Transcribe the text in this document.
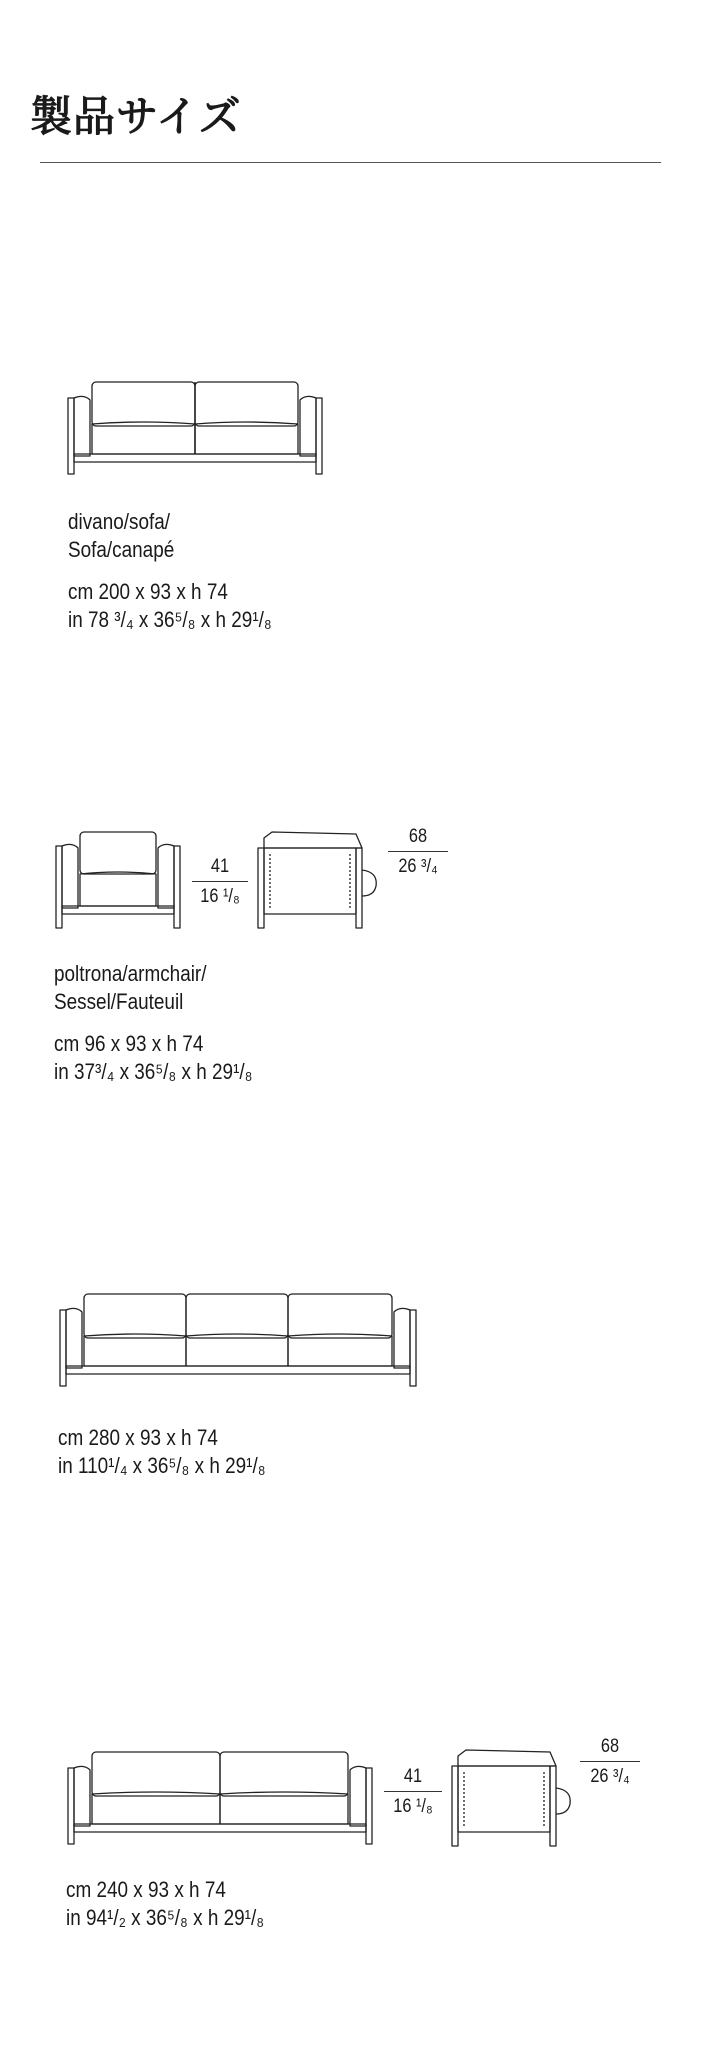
製品サイズ
divano/sofa/
Sofa/canapé
cm 200 x 93 x h 74
in 78 ³/₄ x 36⁵/₈ x h 29¹/₈
41
16 ¹/₈
68
26 ³/₄
poltrona/armchair/
Sessel/Fauteuil
cm 96 x 93 x h 74
in 37³/₄ x 36⁵/₈ x h 29¹/₈
cm 280 x 93 x h 74
in 110¹/₄ x 36⁵/₈ x h 29¹/₈
41
16 ¹/₈
68
26 ³/₄
cm 240 x 93 x h 74
in 94¹/₂ x 36⁵/₈ x h 29¹/₈
